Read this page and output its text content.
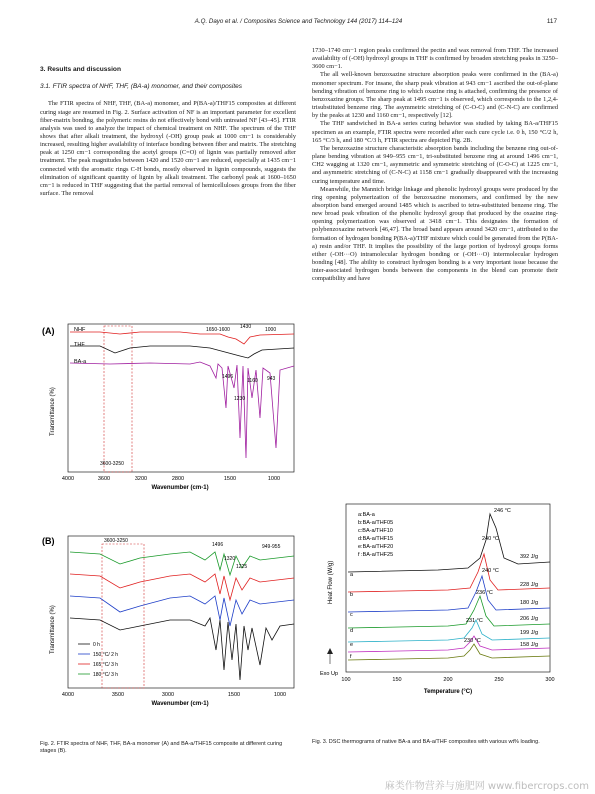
A.Q. Dayo et al. / Composites Science and Technology 144 (2017) 114–124	117
3. Results and discussion
3.1. FTIR spectra of NHF, THF, (BA-a) monomer, and their composites

The FTIR spectra of NHF, THF, (BA-a) monomer, and P(BA-a)/THF15 composites at different curing stage are resumed in Fig. 2. Surface activation of NF is an important parameter for excellent fiber-matrix bonding, the polymeric resins do not effectively bond with untreated NF [43–45]. FTIR analysis was used to analyze the impact of chemical treatment on NHF. The spectrum of the THF shows that after alkali treatment, the hydroxyl (-OH) group peak at 1000 cm−1 is considerably increased, resulting higher availability of interface bonding between fiber and matrix. The stretching peak at 1250 cm−1 corresponding the acetyl groups (C=O) of lignin was partially removed after treatment. The peak magnitudes between 1420 and 1520 cm−1 are reduced, especially at 1435 cm−1 connected with the aromatic rings C-H bonds, mostly observed in lignin compounds, suggests the elimination of significant quantity of lignin by alkali treatment. The carbonyl peak at 1600–1650 cm−1 is reduced in THF suggesting that the partial removal of hemicelluloses groups from the fiber surface. The removal

1730–1740 cm−1 region peaks confirmed the pectin and wax removal from THF. The increased availability of (-OH) hydroxyl groups in THF is confirmed by broaden stretching peaks in 3250–3600 cm−1.

The all well-known benzoxazine structure absorption peaks were confirmed in the (BA-a) monomer spectrum. For insane, the sharp peak vibration at 943 cm−1 ascribed the out-of-plane bending vibration of benzene ring to which oxazine ring is attached, confirming the presence of benzoxazine groups. The sharp peak at 1495 cm−1 is observed, which corresponds to the 1,2,4-trisubstituted benzene ring. The asymmetric stretching of (C-O-C) and (C-N-C) are confirmed by the peaks at 1230 and 1160 cm−1, respectively [12].

The THF sandwiched in BA-a series curing behavior was studied by taking BA-a/THF15 specimen as an example, FTIR spectra were recorded after each cure cycle i.e. 0 h, 150 °C/2 h, 165 °C/3 h, and 180 °C/3 h, FTIR spectra are depicted Fig. 2B.

The benzoxazine structure characteristic absorption bands including the benzene ring out-of-plane bending vibration at 949–955 cm−1, tri-substituted benzene ring at around 1496 cm−1, CH2 wagging at 1320 cm−1, asymmetric and symmetric stretching of (C-O-C) at 1225 cm−1, and asymmetric stretching of (C-N-C) at 1158 cm−1 gradually disappeared with the increasing curing temperature and time.

Meanwhile, the Mannich bridge linkage and phenolic hydroxyl groups were produced by the ring opening polymerization of the benzoxazine monomers, and confirmed by the new absorption band emerged around 1485 which is ascribed to tetra-substituted benzene ring. The new broad peak vibration of the phenolic hydroxyl group that produced by the oxazine ring-opening polymerization was observed at 3418 cm−1. This designates the formation of polybenzoxazine network [46,47]. The broad band appears around 3420 cm−1, attributed to the formation of hydrogen bonding P(BA-a)/THF mixture which could be generated from the P(BA-a) resin and/or THF. It implies the possibility of the large portion of hydroxyl groups forms either (-OH···O) intramolecular hydrogen bonding or (-OH···O) intermolecular hydrogen bonding [48]. The ability to construct hydrogen bonding is a very important issue because the inter-associated hydrogen bonds between the components in the blend can promote their compatibility and have

(A)	NHF
THF
BA-a
1650-1600 1430	1000
1496
1160 943
1230
3600-3250
Transmittance (%)
4000	3600	3200	2800	1500	1000
Wavenumber (cm-1)
(B)	3600-3250
1496
1320
1225
949-955
0 h
150 °C/ 2 h
165 °C/ 3 h
180 °C/ 3 h
Transmittance (%)
4000	3500	3000	1500	1000
Wavenumber (cm-1)
a:BA-a
b:BA-a/THF05
c:BA-a/THF10
d:BA-a/THF15
e:BA-a/THF20
f :BA-a/THF25
a
b
c
d
e
f
246 °C
240 °C
240 °C
236 °C
231 °C
230 °C
392 J/g
228 J/g
180 J/g
206 J/g
199 J/g
158 J/g
Exo Up
Heat Flow (W/g)
100	150	200	250	300
Temperature (°C)
Fig. 2. FTIR spectra of NHF, THF, BA-a monomer (A) and BA-a/THF15 composite at different curing stages (B).
Fig. 3. DSC thermograms of native BA-a and BA-a/THF composites with various wt% loading.
麻类作物营养与施肥网 www.fibercrops.com
